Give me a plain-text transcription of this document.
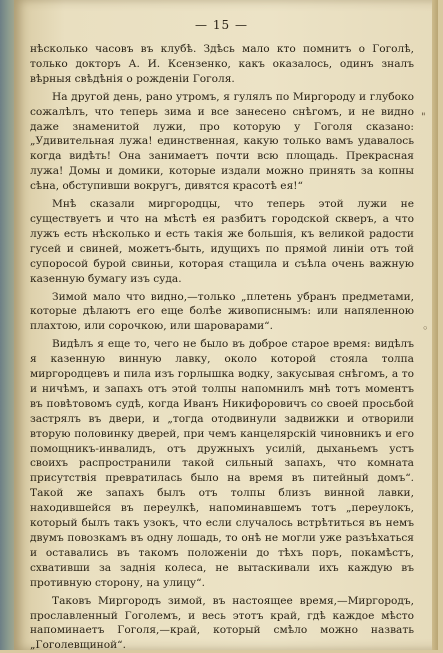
— 15 —

нѣсколько часовъ въ клубѣ. Здѣсь мало кто помнитъ о Гоголѣ, только докторъ А. И. Ксензенко, какъ оказалось, одинъ зналъ вѣрныя свѣдѣнія о рожденіи Гоголя.

На другой день, рано утромъ, я гулялъ по Миргороду и глубоко сожалѣлъ, что теперь зима и все занесено снѣгомъ, и не видно даже знаменитой лужи, про которую у Гоголя сказано: „Удивительная лужа! единственная, какую только вамъ удавалось когда видѣть! Она занимаетъ почти всю площадь. Прекрасная лужа! Домы и домики, которые издали можно принять за копны сѣна, обступивши вокругъ, дивятся красотѣ ея!“

Мнѣ сказали миргородцы, что теперь этой лужи не существуетъ и что на мѣстѣ ея разбитъ городской скверъ, а что лужъ есть нѣсколько и есть такія же большія, къ великой радости гусей и свиней, можетъ-быть, идущихъ по прямой линіи отъ той супоросой бурой свиньи, которая стащила и съѣла очень важную казенную бумагу изъ суда.

Зимой мало что видно,—только „плетень убранъ предметами, которые дѣлаютъ его еще болѣе живописнымъ: или напяленною плахтою, или сорочкою, или шароварами“.

Видѣлъ я еще то, чего не было въ доброе старое время: видѣлъ я казенную винную лавку, около которой стояла толпа миргородцевъ и пила изъ горлышка водку, закусывая снѣгомъ, а то и ничѣмъ, и запахъ отъ этой толпы напомнилъ мнѣ тотъ моментъ въ повѣтовомъ судѣ, когда Иванъ Никифоровичъ со своей просьбой застрялъ въ двери, и „тогда отодвинули задвижки и отворили вторую половинку дверей, при чемъ канцелярскій чиновникъ и его помощникъ-инвалидъ, отъ дружныхъ усилій, дыханьемъ устъ своихъ распространили такой сильный запахъ, что комната присутствія превратилась было на время въ питейный домъ“. Такой же запахъ былъ отъ толпы близъ винной лавки, находившейся въ переулкѣ, напоминавшемъ тотъ „переулокъ, который былъ такъ узокъ, что если случалось встрѣтиться въ немъ двумъ повозкамъ въ одну лошадь, то онѣ не могли уже разъѣхаться и оставались въ такомъ положеніи до тѣхъ поръ, покамѣстъ, схвативши за заднія колеса, не вытаскивали ихъ каждую въ противную сторону, на улицу“.

Таковъ Миргородъ зимой, въ настоящее время,—Миргородъ, прославленный Гоголемъ, и весь этотъ край, гдѣ каждое мѣсто напоминаетъ Гоголя,—край, который смѣло можно назвать „Гоголевщиной“.

"
◦
